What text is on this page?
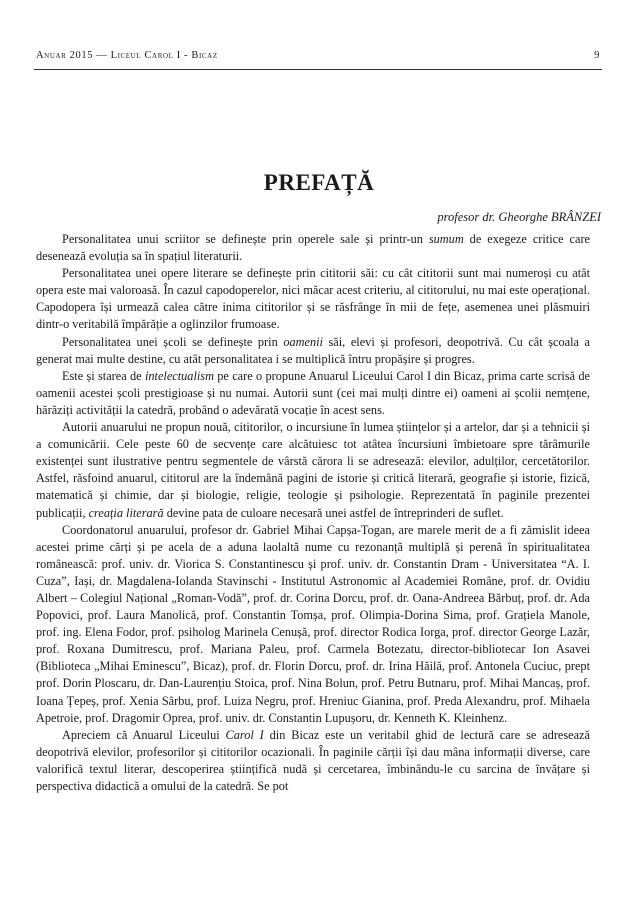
Anuar 2015 — Liceul Carol I - Bicaz	9
PREFAȚĂ
profesor dr. Gheorghe BRÂNZEI

Personalitatea unui scriitor se definește prin operele sale și printr-un sumum de exegeze critice care desenează evoluția sa în spațiul literaturii.

Personalitatea unei opere literare se definește prin cititorii săi: cu cât cititorii sunt mai numeroși cu atât opera este mai valoroasă. În cazul capodoperelor, nici măcar acest criteriu, al cititorului, nu mai este operațional. Capodopera își urmează calea către inima cititorilor și se răsfrânge în mii de fețe, asemenea unei plăsmuiri dintr-o veritabilă împărăție a oglinzilor frumoase.

Personalitatea unei școli se definește prin oamenii săi, elevi și profesori, deopotrivă. Cu cât școala a generat mai multe destine, cu atât personalitatea i se multiplică întru propășire și progres.

Este și starea de intelectualism pe care o propune Anuarul Liceului Carol I din Bicaz, prima carte scrisă de oamenii acestei școli prestigioase și nu numai. Autorii sunt (cei mai mulți dintre ei) oameni ai școlii nemțene, hărăziți activității la catedră, probând o adevărată vocație în acest sens.

Autorii anuarului ne propun nouă, cititorilor, o incursiune în lumea științelor și a artelor, dar și a tehnicii și a comunicării. Cele peste 60 de secvențe care alcătuiesc tot atâtea încursiuni îmbietoare spre tărâmurile existenței sunt ilustrative pentru segmentele de vârstă cărora li se adresează: elevilor, adulților, cercetătorilor. Astfel, răsfoind anuarul, cititorul are la îndemână pagini de istorie și critică literară, geografie și istorie, fizică, matematică și chimie, dar și biologie, religie, teologie și psihologie. Reprezentată în paginile prezentei publicații, creația literară devine pata de culoare necesară unei astfel de întreprinderi de suflet.

Coordonatorul anuarului, profesor dr. Gabriel Mihai Capșa-Togan, are marele merit de a fi zămislit ideea acestei prime cărți și pe acela de a aduna laolaltă nume cu rezonanță multiplă și perenă în spiritualitatea românească: prof. univ. dr. Viorica S. Constantinescu și prof. univ. dr. Constantin Dram - Universitatea “A. I. Cuza”, Iași, dr. Magdalena-Iolanda Stavinschi - Institutul Astronomic al Academiei Române, prof. dr. Ovidiu Albert – Colegiul Național „Roman-Vodă”, prof. dr. Corina Dorcu, prof. dr. Oana-Andreea Bărbuț, prof. dr. Ada Popovici, prof. Laura Manolică, prof. Constantin Tomșa, prof. Olimpia-Dorina Sima, prof. Grațiela Manole, prof. ing. Elena Fodor, prof. psiholog Marinela Cenușă, prof. director Rodica Iorga, prof. director George Lazăr, prof. Roxana Dumitrescu, prof. Mariana Paleu, prof. Carmela Botezatu, director-bibliotecar Ion Asavei (Biblioteca „Mihai Eminescu”, Bicaz), prof. dr. Florin Dorcu, prof. dr. Irina Hăilă, prof. Antonela Cuciuc, prept prof. Dorin Ploscaru, dr. Dan-Laurențiu Stoica, prof. Nina Bolun, prof. Petru Butnaru, prof. Mihai Mancaș, prof. Ioana Țepeș, prof. Xenia Sârbu, prof. Luiza Negru, prof. Hreniuc Gianina, prof. Preda Alexandru, prof. Mihaela Apetroie, prof. Dragomir Oprea, prof. univ. dr. Constantin Lupușoru, dr. Kenneth K. Kleinhenz.

Apreciem că Anuarul Liceului Carol I din Bicaz este un veritabil ghid de lectură care se adresează deopotrivă elevilor, profesorilor și cititorilor ocazionali. În paginile cărții își dau mâna informații diverse, care valorifică textul literar, descoperirea științifică nudă și cercetarea, îmbinându-le cu sarcina de învățare și perspectiva didactică a omului de la catedră. Se pot
